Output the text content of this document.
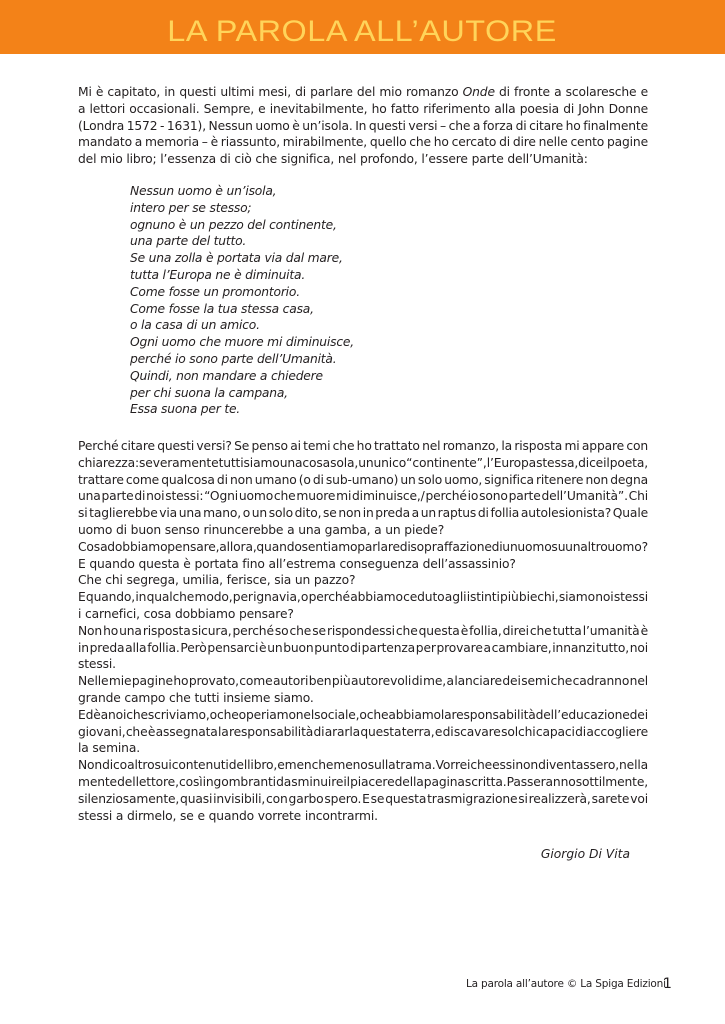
LA PAROLA ALL’AUTORE
Mi è capitato, in questi ultimi mesi, di parlare del mio romanzo Onde di fronte a scolaresche e
a lettori occasionali. Sempre, e inevitabilmente, ho fatto riferimento alla poesia di John Donne
(Londra 1572 - 1631), Nessun uomo è un’isola. In questi versi – che a forza di citare ho finalmente
mandato a memoria – è riassunto, mirabilmente, quello che ho cercato di dire nelle cento pagine
del mio libro; l’essenza di ciò che significa, nel profondo, l’essere parte dell’Umanità:
Nessun uomo è un’isola,
intero per se stesso;
ognuno è un pezzo del continente,
una parte del tutto.
Se una zolla è portata via dal mare,
tutta l’Europa ne è diminuita.
Come fosse un promontorio.
Come fosse la tua stessa casa,
o la casa di un amico.
Ogni uomo che muore mi diminuisce,
perché io sono parte dell’Umanità.
Quindi, non mandare a chiedere
per chi suona la campana,
Essa suona per te.
Perché citare questi versi? Se penso ai temi che ho trattato nel romanzo, la risposta mi appare con
chiarezza: se veramente tutti siamo una cosa sola, un unico “continente”, l’Europa stessa, dice il poeta,
trattare come qualcosa di non umano (o di sub-umano) un solo uomo, significa ritenere non degna
una parte di noi stessi: “Ogni uomo che muore mi diminuisce,/ perché io sono parte dell’Umanità”. Chi
si taglierebbe via una mano, o un solo dito, se non in preda a un raptus di follia autolesionista? Quale
uomo di buon senso rinuncerebbe a una gamba, a un piede?
Cosa dobbiamo pensare, allora, quando sentiamo parlare di sopraffazione di un uomo su un altro uomo?
E quando questa è portata fino all’estrema conseguenza dell’assassinio?
Che chi segrega, umilia, ferisce, sia un pazzo?
E quando, in qualche modo, per ignavia, o perché abbiamo ceduto agli istinti più biechi, siamo noi stessi
i carnefici, cosa dobbiamo pensare?
Non ho una risposta sicura, perché so che se rispondessi che questa è follia, direi che tutta l’umanità è
in preda alla follia. Però pensarci è un buon punto di partenza per provare a cambiare, innanzi tutto, noi
stessi.
Nelle mie pagine ho provato, come autori ben più autorevoli di me, a lanciare dei semi che cadranno nel
grande campo che tutti insieme siamo.
Ed è a noi che scriviamo, o che operiamo nel sociale, o che abbiamo la responsabilità dell’educazione dei
giovani, che è assegnata la responsabilità di ararla questa terra, e di scavare solchi capaci di accogliere
la semina.
Non dico altro sui contenuti del libro, e men che meno sulla trama. Vorrei che essi non diventassero, nella
mente del lettore, così ingombranti da sminuire il piacere della pagina scritta. Passeranno sottilmente,
silenziosamente, quasi invisibili, con garbo spero. E se questa trasmigrazione si realizzerà, sarete voi
stessi a dirmelo, se e quando vorrete incontrarmi.
Giorgio Di Vita
La parola all’autore © La Spiga Edizioni
1
